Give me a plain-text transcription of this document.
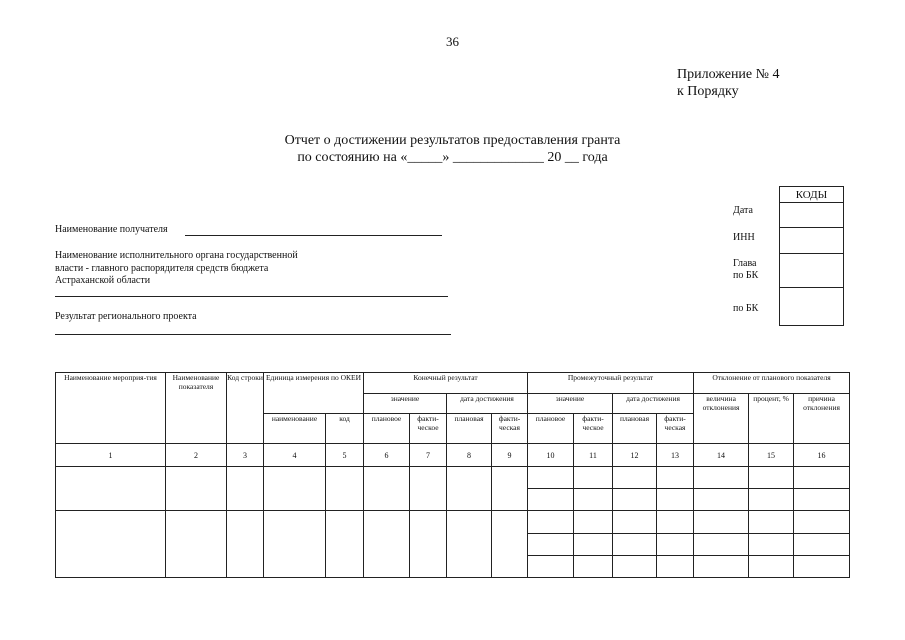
36
Приложение № 4
к Порядку
Отчет о достижении результатов предоставления гранта
по состоянию на «_____» _____________ 20 __ года
Наименование получателя
Наименование исполнительного органа государственной
власти - главного распорядителя средств бюджета
Астраханской области
Результат регионального проекта
Дата
ИНН
Глава
по БК
по БК
КОДЫ
Наименование мероприя-тия	Наименование показателя	Код строки	Единица измерения по ОКЕИ		Конечный результат				Промежуточный результат				Отклонение от планового показателя		
					значение		дата достижения		значение		дата достижения		величина отклонения	процент, %	причина отклонения
			наименование	код	плановое	факти-ческое	плановая	факти-ческая	плановое	факти-ческое	плановая	факти-ческая			
1	2	3	4	5	6	7	8	9	10	11	12	13	14	15	16
